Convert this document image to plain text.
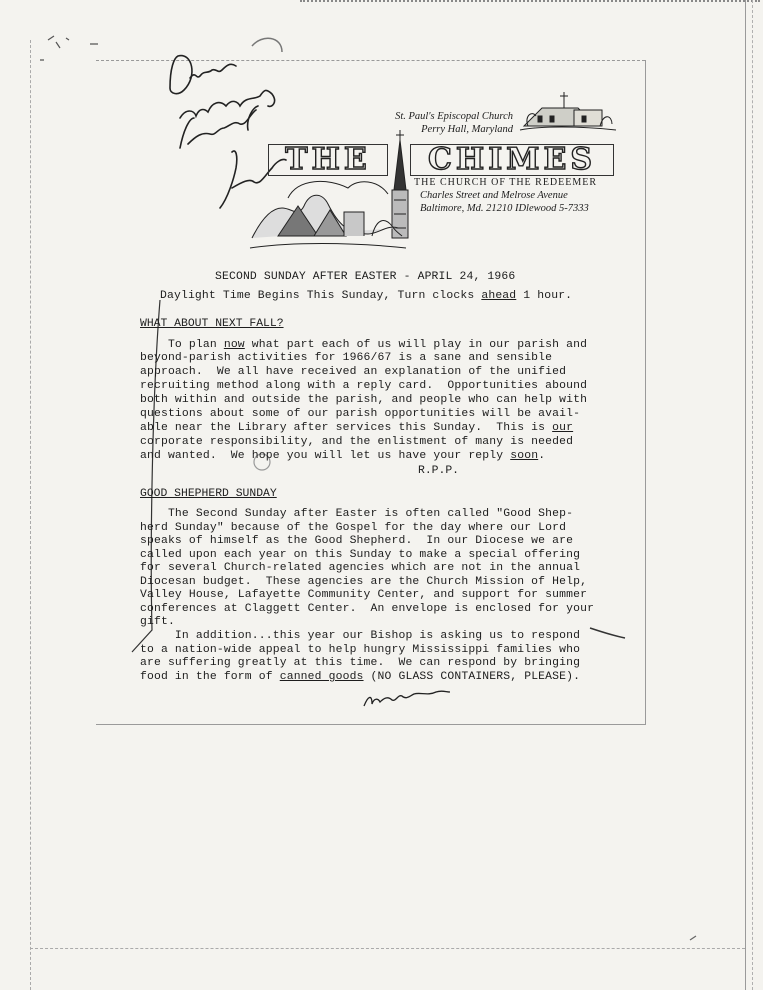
St. Paul's Episcopal Church
Perry Hall, Maryland
THE	CHIMES
THE CHURCH OF THE REDEEMER
Charles Street and Melrose Avenue
Baltimore, Md. 21210 IDlewood 5-7333
SECOND SUNDAY AFTER EASTER - APRIL 24, 1966
Daylight Time Begins This Sunday, Turn clocks ahead 1 hour.
WHAT ABOUT NEXT FALL?
To plan now what part each of us will play in our parish and
beyond-parish activities for 1966/67 is a sane and sensible
approach.  We all have received an explanation of the unified
recruiting method along with a reply card.  Opportunities abound
both within and outside the parish, and people who can help with
questions about some of our parish opportunities will be avail-
able near the Library after services this Sunday.  This is our
corporate responsibility, and the enlistment of many is needed
and wanted.  We hope you will let us have your reply soon.
R.P.P.
GOOD SHEPHERD SUNDAY
The Second Sunday after Easter is often called "Good Shep-
herd Sunday" because of the Gospel for the day where our Lord
speaks of himself as the Good Shepherd.  In our Diocese we are
called upon each year on this Sunday to make a special offering
for several Church-related agencies which are not in the annual
Diocesan budget.  These agencies are the Church Mission of Help,
Valley House, Lafayette Community Center, and support for summer
conferences at Claggett Center.  An envelope is enclosed for your
gift.
In addition...this year our Bishop is asking us to respond
to a nation-wide appeal to help hungry Mississippi families who
are suffering greatly at this time.  We can respond by bringing
food in the form of canned goods (NO GLASS CONTAINERS, PLEASE).
